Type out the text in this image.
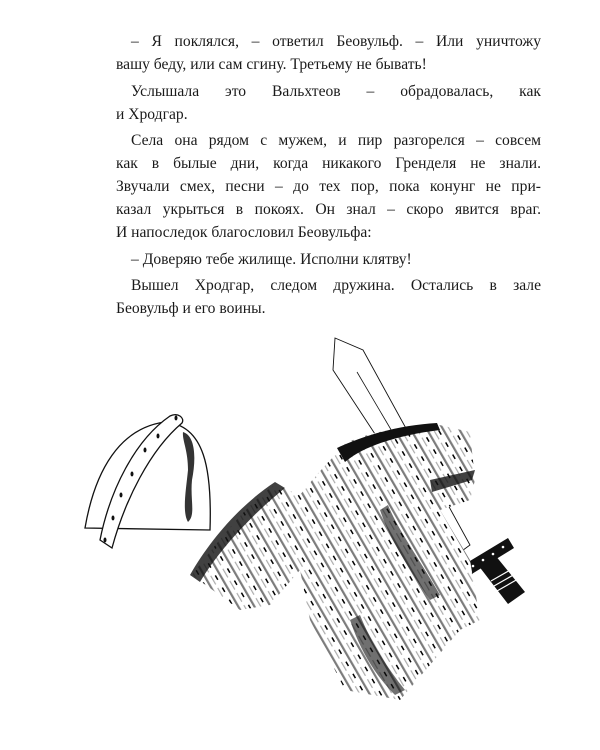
– Я поклялся, – ответил Беовульф. – Или уничтожу
вашу беду, или сам сгину. Третьему не бывать!
Услышала это Вальхтеов – обрадовалась, как
и Хродгар.
Села она рядом с мужем, и пир разгорелся – совсем
как в былые дни, когда никакого Гренделя не знали.
Звучали смех, песни – до тех пор, пока конунг не при-
казал укрыться в покоях. Он знал – скоро явится враг.
И напоследок благословил Беовульфа:
– Доверяю тебе жилище. Исполни клятву!
Вышел Хродгар, следом дружина. Остались в зале
Беовульф и его воины.
